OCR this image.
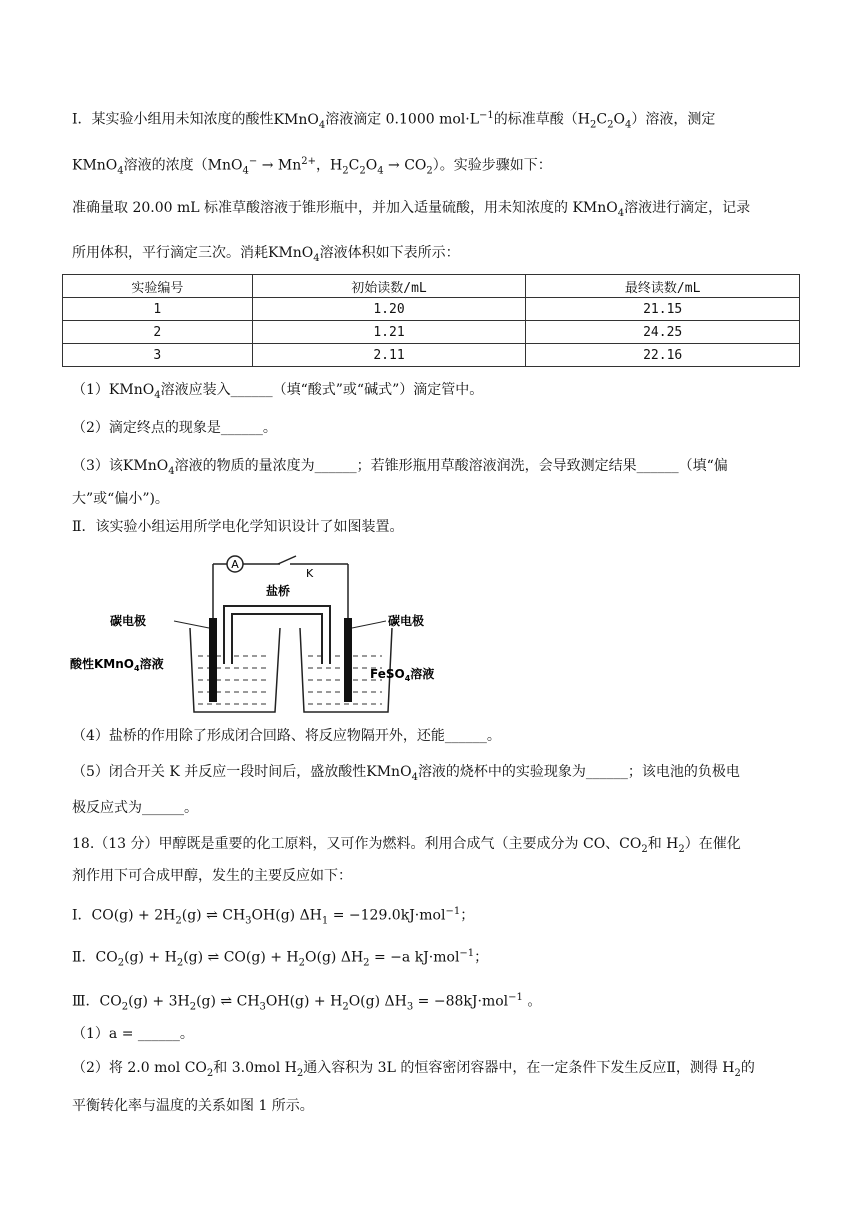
Ⅰ．某实验小组用未知浓度的酸性KMnO$_4$溶液滴定 0.1000 $mol\cdot L^{-1}$的标准草酸$(H_2C_2O_4)$溶液，测定
KMnO$_4$溶液的浓度（$MnO_4^- \to Mn^{2+}$，$H_2C_2O_4 \to CO_2$）。实验步骤如下：
准确量取 20.00 mL 标准草酸溶液于锥形瓶中，并加入适量硫酸，用未知浓度的 KMnO$_4$溶液进行滴定，记录
所用体积，平行滴定三次。消耗KMnO$_4$溶液体积如下表所示：
实验编号	初始读数/mL	最终读数/mL
1	1.20	21.15
2	1.21	24.25
3	2.11	22.16
（1）KMnO$_4$溶液应装入______（填“酸式”或“碱式”）滴定管中。
（2）滴定终点的现象是______。
（3）该KMnO$_4$溶液的物质的量浓度为______；若锥形瓶用草酸溶液润洗，会导致测定结果______（填“偏
大”或“偏小”)。
Ⅱ．该实验小组运用所学电化学知识设计了如图装置。
A
K
盐桥
碳电极	碳电极
酸性KMnO$_4$溶液
FeSO$_4$溶液
（4）盐桥的作用除了形成闭合回路、将反应物隔开外，还能______。
（5）闭合开关 K 并反应一段时间后，盛放酸性KMnO$_4$溶液的烧杯中的实验现象为______；该电池的负极电
极反应式为______。
18.（13 分）甲醇既是重要的化工原料，又可作为燃料。利用合成气（主要成分为 CO、$CO_2$和 $H_2$）在催化
剂作用下可合成甲醇，发生的主要反应如下：
Ⅰ．$CO(g) + 2H_2(g)$ ⇌ $CH_3OH(g) \Delta H_1 = -129.0kJ\cdot mol^{-1}$；
Ⅱ．$CO_2(g) + H_2(g)$ ⇌ $CO(g) + H_2O(g) \Delta H_2 = -a$ kJ·mol$^{-1}$；
Ⅲ．$CO_2(g) + 3H_2(g)$ ⇌ $CH_3OH(g) + H_2O(g) \Delta H_3 = -88kJ\cdot mol^{-1}$ 。
（1）a = ______。
（2）将 2.0 mol $CO_2$和 3.0mol $H_2$通入容积为 3L 的恒容密闭容器中，在一定条件下发生反应Ⅱ，测得 $H_2$的
平衡转化率与温度的关系如图 1 所示。
